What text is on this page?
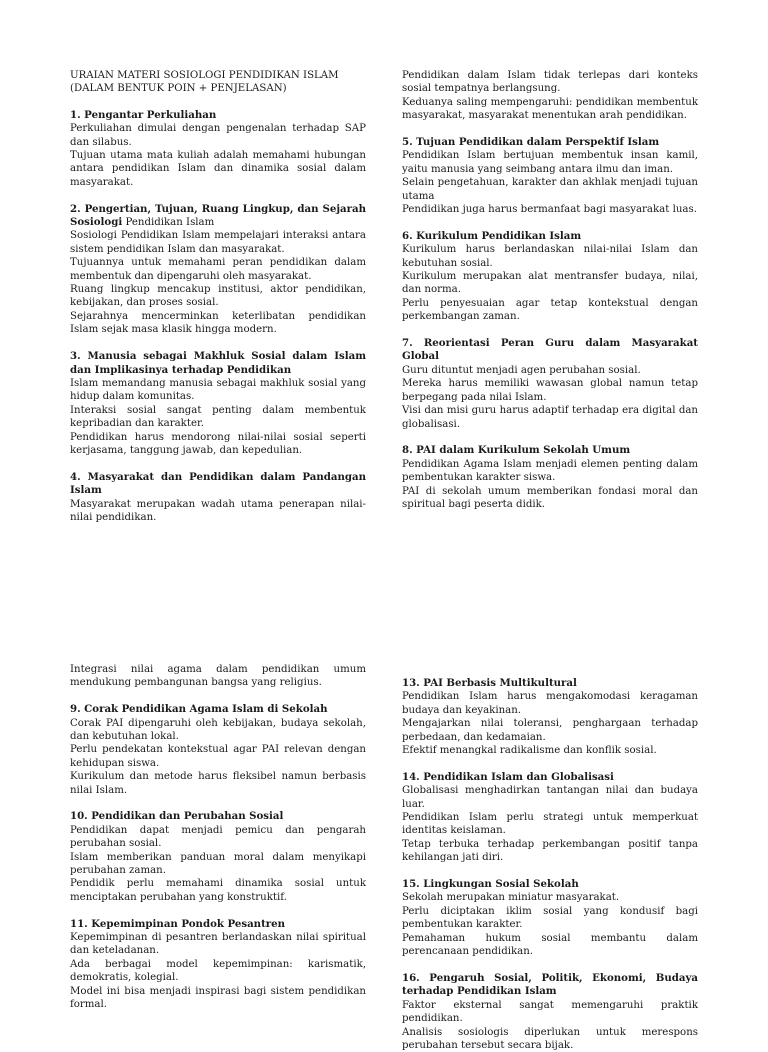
URAIAN MATERI SOSIOLOGI PENDIDIKAN ISLAM (DALAM BENTUK POIN + PENJELASAN)

1. Pengantar Perkuliahan

Perkuliahan dimulai dengan pengenalan terhadap SAP dan silabus.

Tujuan utama mata kuliah adalah memahami hubungan antara pendidikan Islam dan dinamika sosial dalam masyarakat.

2. Pengertian, Tujuan, Ruang Lingkup, dan Sejarah Sosiologi Pendidikan Islam

Sosiologi Pendidikan Islam mempelajari interaksi antara sistem pendidikan Islam dan masyarakat.

Tujuannya untuk memahami peran pendidikan dalam membentuk dan dipengaruhi oleh masyarakat.

Ruang lingkup mencakup institusi, aktor pendidikan, kebijakan, dan proses sosial.

Sejarahnya mencerminkan keterlibatan pendidikan Islam sejak masa klasik hingga modern.

3. Manusia sebagai Makhluk Sosial dalam Islam dan Implikasinya terhadap Pendidikan

Islam memandang manusia sebagai makhluk sosial yang hidup dalam komunitas.

Interaksi sosial sangat penting dalam membentuk kepribadian dan karakter.

Pendidikan harus mendorong nilai-nilai sosial seperti kerjasama, tanggung jawab, dan kepedulian.

4. Masyarakat dan Pendidikan dalam Pandangan Islam

Masyarakat merupakan wadah utama penerapan nilai-nilai pendidikan.

Pendidikan dalam Islam tidak terlepas dari konteks sosial tempatnya berlangsung.

Keduanya saling mempengaruhi: pendidikan membentuk masyarakat, masyarakat menentukan arah pendidikan.

5. Tujuan Pendidikan dalam Perspektif Islam

Pendidikan Islam bertujuan membentuk insan kamil, yaitu manusia yang seimbang antara ilmu dan iman.

Selain pengetahuan, karakter dan akhlak menjadi tujuan utama

Pendidikan juga harus bermanfaat bagi masyarakat luas.

6. Kurikulum Pendidikan Islam

Kurikulum harus berlandaskan nilai-nilai Islam dan kebutuhan sosial.

Kurikulum merupakan alat mentransfer budaya, nilai, dan norma.

Perlu penyesuaian agar tetap kontekstual dengan perkembangan zaman.

7. Reorientasi Peran Guru dalam Masyarakat Global

Guru dituntut menjadi agen perubahan sosial.

Mereka harus memiliki wawasan global namun tetap berpegang pada nilai Islam.

Visi dan misi guru harus adaptif terhadap era digital dan globalisasi.

8. PAI dalam Kurikulum Sekolah Umum

Pendidikan Agama Islam menjadi elemen penting dalam pembentukan karakter siswa.

PAI di sekolah umum memberikan fondasi moral dan spiritual bagi peserta didik.

Integrasi nilai agama dalam pendidikan umum mendukung pembangunan bangsa yang religius.

9. Corak Pendidikan Agama Islam di Sekolah

Corak PAI dipengaruhi oleh kebijakan, budaya sekolah, dan kebutuhan lokal.

Perlu pendekatan kontekstual agar PAI relevan dengan kehidupan siswa.

Kurikulum dan metode harus fleksibel namun berbasis nilai Islam.

10. Pendidikan dan Perubahan Sosial

Pendidikan dapat menjadi pemicu dan pengarah perubahan sosial.

Islam memberikan panduan moral dalam menyikapi perubahan zaman.

Pendidik perlu memahami dinamika sosial untuk menciptakan perubahan yang konstruktif.

11. Kepemimpinan Pondok Pesantren

Kepemimpinan di pesantren berlandaskan nilai spiritual dan keteladanan.

Ada berbagai model kepemimpinan: karismatik, demokratis, kolegial.

Model ini bisa menjadi inspirasi bagi sistem pendidikan formal.

13. PAI Berbasis Multikultural

Pendidikan Islam harus mengakomodasi keragaman budaya dan keyakinan.

Mengajarkan nilai toleransi, penghargaan terhadap perbedaan, dan kedamaian.

Efektif menangkal radikalisme dan konflik sosial.

14. Pendidikan Islam dan Globalisasi

Globalisasi menghadirkan tantangan nilai dan budaya luar.

Pendidikan Islam perlu strategi untuk memperkuat identitas keislaman.

Tetap terbuka terhadap perkembangan positif tanpa kehilangan jati diri.

15. Lingkungan Sosial Sekolah

Sekolah merupakan miniatur masyarakat.

Perlu diciptakan iklim sosial yang kondusif bagi pembentukan karakter.

Pemahaman hukum sosial membantu dalam perencanaan pendidikan.

16. Pengaruh Sosial, Politik, Ekonomi, Budaya terhadap Pendidikan Islam

Faktor eksternal sangat memengaruhi praktik pendidikan.

Analisis sosiologis diperlukan untuk merespons perubahan tersebut secara bijak.
